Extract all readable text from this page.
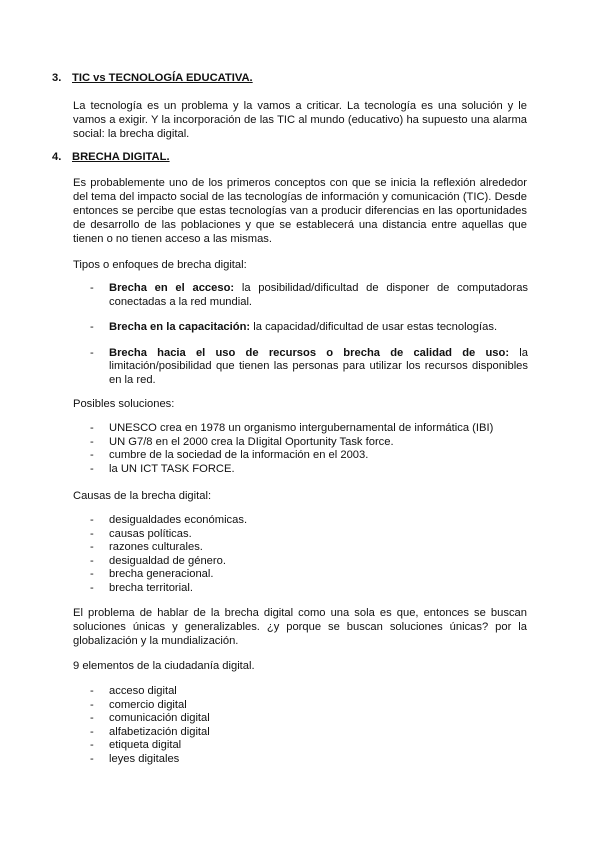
3. TIC vs TECNOLOGÍA EDUCATIVA.
La tecnología es un problema y la vamos a criticar. La tecnología es una solución y le vamos a exigir. Y la incorporación de las TIC al mundo (educativo) ha supuesto una alarma social: la brecha digital.
4. BRECHA DIGITAL.
Es probablemente uno de los primeros conceptos con que se inicia la reflexión alrededor del tema del impacto social de las tecnologías de información y comunicación (TIC). Desde entonces se percibe que estas tecnologías van a producir diferencias en las oportunidades de desarrollo de las poblaciones y que se establecerá una distancia entre aquellas que tienen o no tienen acceso a las mismas.
Tipos o enfoques de brecha digital:
- Brecha en el acceso: la posibilidad/dificultad de disponer de computadoras conectadas a la red mundial.
- Brecha en la capacitación: la capacidad/dificultad de usar estas tecnologías.
- Brecha hacia el uso de recursos o brecha de calidad de uso: la limitación/posibilidad que tienen las personas para utilizar los recursos disponibles en la red.
Posibles soluciones:
- UNESCO crea en 1978 un organismo intergubernamental de informática (IBI)
- UN G7/8 en el 2000 crea la DIigital Oportunity Task force.
- cumbre de la sociedad de la información en el 2003.
- la UN ICT TASK FORCE.
Causas de la brecha digital:
- desigualdades económicas.
- causas políticas.
- razones culturales.
- desigualdad de género.
- brecha generacional.
- brecha territorial.
El problema de hablar de la brecha digital como una sola es que, entonces se buscan soluciones únicas y generalizables. ¿y porque se buscan soluciones únicas? por la globalización y la mundialización.
9 elementos de la ciudadanía digital.
- acceso digital
- comercio digital
- comunicación digital
- alfabetización digital
- etiqueta digital
- leyes digitales
